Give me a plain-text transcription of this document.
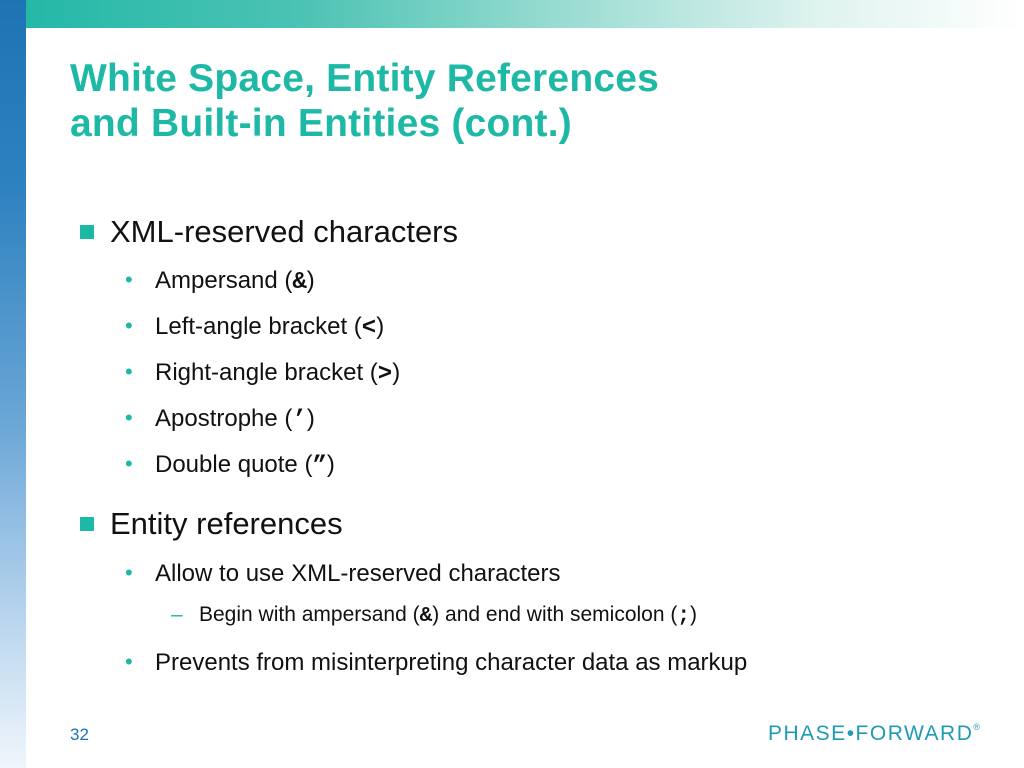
White Space, Entity References
and Built-in Entities (cont.)
XML-reserved characters
• Ampersand (&)
• Left-angle bracket (<)
• Right-angle bracket (>)
• Apostrophe (’)
• Double quote (”)
Entity references
• Allow to use XML-reserved characters
– Begin with ampersand (&) and end with semicolon (;)
• Prevents from misinterpreting character data as markup
32	PHASE•FORWARD®
